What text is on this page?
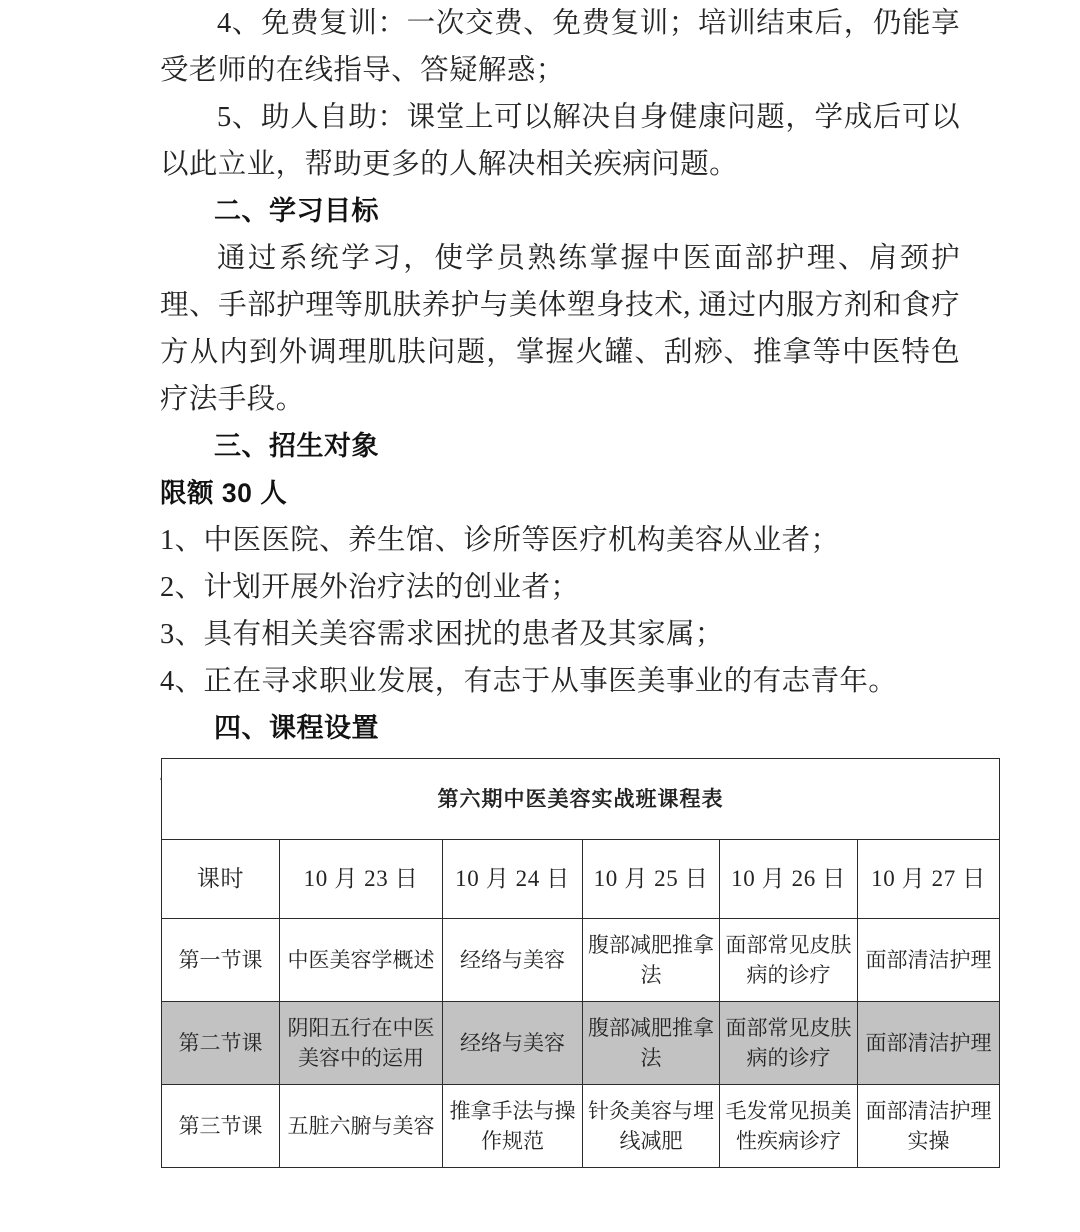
4、免费复训：一次交费、免费复训；培训结束后，仍能享受老师的在线指导、答疑解惑；

5、助人自助：课堂上可以解决自身健康问题，学成后可以以此立业，帮助更多的人解决相关疾病问题。

二、学习目标

通过系统学习，使学员熟练掌握中医面部护理、肩颈护理、手部护理等肌肤养护与美体塑身技术, 通过内服方剂和食疗方从内到外调理肌肤问题，掌握火罐、刮痧、推拿等中医特色疗法手段。

三、招生对象

限额 30 人

1、中医医院、养生馆、诊所等医疗机构美容从业者；

2、计划开展外治疗法的创业者；

3、具有相关美容需求困扰的患者及其家属；

4、正在寻求职业发展，有志于从事医美事业的有志青年。

四、课程设置

第六期中医美容实战班课程表					
课时	10 月 23 日	10 月 24 日	10 月 25 日	10 月 26 日	10 月 27 日
第一节课	中医美容学概述	经络与美容	腹部减肥推拿法	面部常见皮肤病的诊疗	面部清洁护理
第二节课	阴阳五行在中医美容中的运用	经络与美容	腹部减肥推拿法	面部常见皮肤病的诊疗	面部清洁护理
第三节课	五脏六腑与美容	推拿手法与操作规范	针灸美容与埋线减肥	毛发常见损美性疾病诊疗	面部清洁护理实操
